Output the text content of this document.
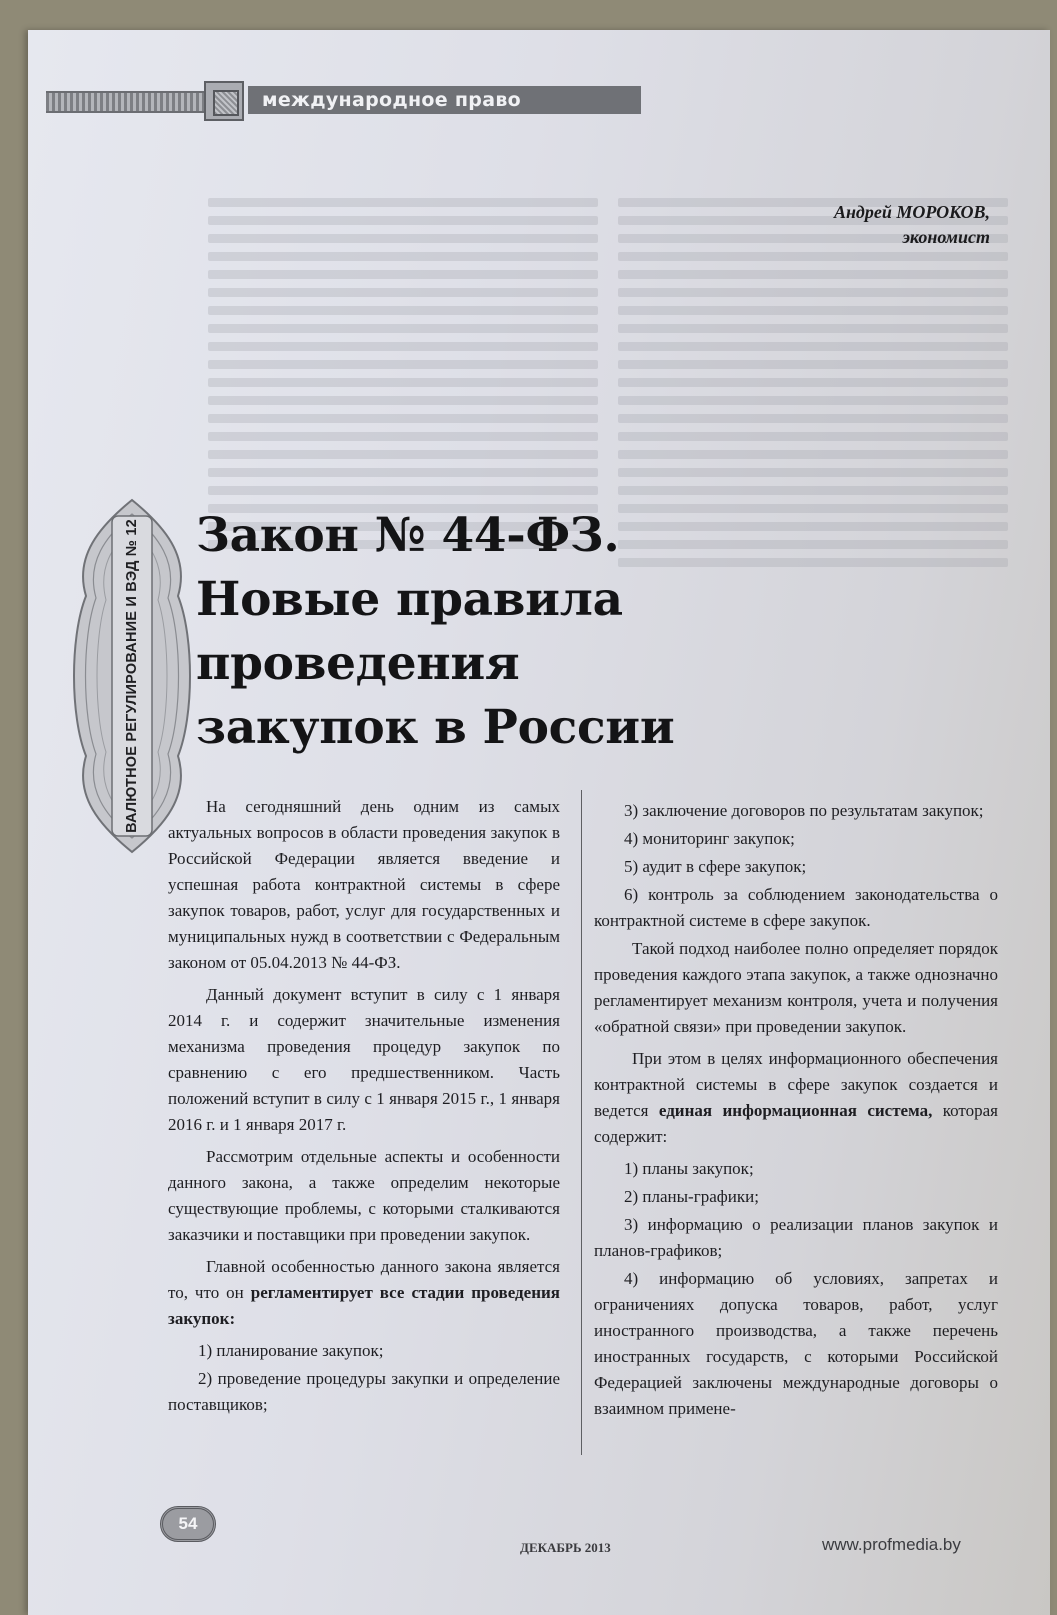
международное право
Андрей МОРОКОВ,
экономист
ВАЛЮТНОЕ РЕГУЛИРОВАНИЕ И ВЭД № 12 Закон № 44-ФЗ.
Новые правила проведения
закупок в России

На сегодняшний день одним из самых актуальных вопросов в области проведения закупок в Российской Федерации является введение и успешная работа контрактной системы в сфере закупок товаров, работ, услуг для государственных и муниципальных нужд в соответствии с Федеральным законом от 05.04.2013 № 44-ФЗ.

Данный документ вступит в силу с 1 января 2014 г. и содержит значительные изменения механизма проведения процедур закупок по сравнению с его предшественником. Часть положений вступит в силу с 1 января 2015 г., 1 января 2016 г. и 1 января 2017 г.

Рассмотрим отдельные аспекты и особенности данного закона, а также определим некоторые существующие проблемы, с которыми сталкиваются заказчики и поставщики при проведении закупок.

Главной особенностью данного закона является то, что он регламентирует все стадии проведения закупок:

1) планирование закупок;

2) проведение процедуры закупки и определение поставщиков;

3) заключение договоров по результатам закупок;

4) мониторинг закупок;

5) аудит в сфере закупок;

6) контроль за соблюдением законодательства о контрактной системе в сфере закупок.

Такой подход наиболее полно определяет порядок проведения каждого этапа закупок, а также однозначно регламентирует механизм контроля, учета и получения «обратной связи» при проведении закупок.

При этом в целях информационного обеспечения контрактной системы в сфере закупок создается и ведется единая информационная система, которая содержит:

1) планы закупок;

2) планы-графики;

3) информацию о реализации планов закупок и планов-графиков;

4) информацию об условиях, запретах и ограничениях допуска товаров, работ, услуг иностранного производства, а также перечень иностранных государств, с которыми Российской Федерацией заключены международные договоры о взаимном примене-

54
ДЕКАБРЬ 2013	www.profmedia.by
